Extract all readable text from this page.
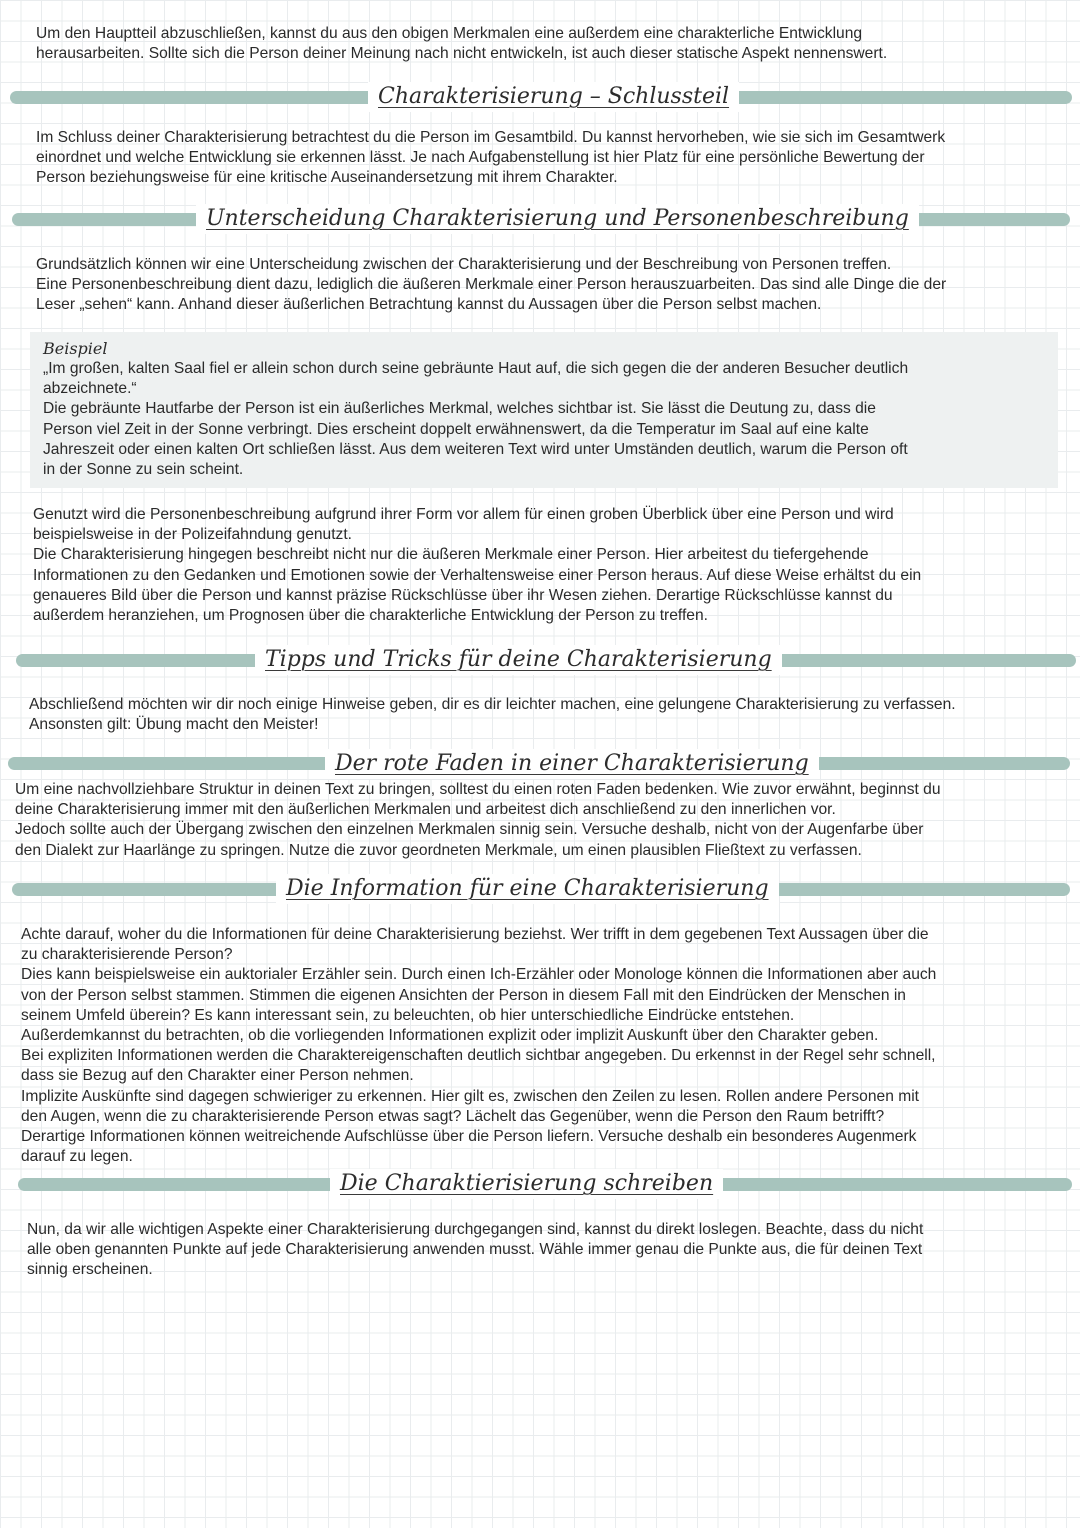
Um den Hauptteil abzuschließen, kannst du aus den obigen Merkmalen eine außerdem eine charakterliche Entwicklung
herausarbeiten. Sollte sich die Person deiner Meinung nach nicht entwickeln, ist auch dieser statische Aspekt nennenswert.

Charakterisierung – Schlussteil

Im Schluss deiner Charakterisierung betrachtest du die Person im Gesamtbild. Du kannst hervorheben, wie sie sich im Gesamtwerk
einordnet und welche Entwicklung sie erkennen lässt. Je nach Aufgabenstellung ist hier Platz für eine persönliche Bewertung der
Person beziehungsweise für eine kritische Auseinandersetzung mit ihrem Charakter.

Unterscheidung Charakterisierung und Personenbeschreibung

Grundsätzlich können wir eine Unterscheidung zwischen der Charakterisierung und der Beschreibung von Personen treffen.
Eine Personenbeschreibung dient dazu, lediglich die äußeren Merkmale einer Person herauszuarbeiten. Das sind alle Dinge die der
Leser „sehen“ kann. Anhand dieser äußerlichen Betrachtung kannst du Aussagen über die Person selbst machen.

Beispiel

„Im großen, kalten Saal fiel er allein schon durch seine gebräunte Haut auf, die sich gegen die der anderen Besucher deutlich
abzeichnete.“
Die gebräunte Hautfarbe der Person ist ein äußerliches Merkmal, welches sichtbar ist. Sie lässt die Deutung zu, dass die
Person viel Zeit in der Sonne verbringt. Dies erscheint doppelt erwähnenswert, da die Temperatur im Saal auf eine kalte
Jahreszeit oder einen kalten Ort schließen lässt. Aus dem weiteren Text wird unter Umständen deutlich, warum die Person oft
in der Sonne zu sein scheint.

Genutzt wird die Personenbeschreibung aufgrund ihrer Form vor allem für einen groben Überblick über eine Person und wird
beispielsweise in der Polizeifahndung genutzt.
Die Charakterisierung hingegen beschreibt nicht nur die äußeren Merkmale einer Person. Hier arbeitest du tiefergehende
Informationen zu den Gedanken und Emotionen sowie der Verhaltensweise einer Person heraus. Auf diese Weise erhältst du ein
genaueres Bild über die Person und kannst präzise Rückschlüsse über ihr Wesen ziehen. Derartige Rückschlüsse kannst du
außerdem heranziehen, um Prognosen über die charakterliche Entwicklung der Person zu treffen.

Tipps und Tricks für deine Charakterisierung

Abschließend möchten wir dir noch einige Hinweise geben, dir es dir leichter machen, eine gelungene Charakterisierung zu verfassen.
Ansonsten gilt: Übung macht den Meister!

Der rote Faden in einer Charakterisierung

Um eine nachvollziehbare Struktur in deinen Text zu bringen, solltest du einen roten Faden bedenken. Wie zuvor erwähnt, beginnst du
deine Charakterisierung immer mit den äußerlichen Merkmalen und arbeitest dich anschließend zu den innerlichen vor.
Jedoch sollte auch der Übergang zwischen den einzelnen Merkmalen sinnig sein. Versuche deshalb, nicht von der Augenfarbe über
den Dialekt zur Haarlänge zu springen. Nutze die zuvor geordneten Merkmale, um einen plausiblen Fließtext zu verfassen.

Die Information für eine Charakterisierung

Achte darauf, woher du die Informationen für deine Charakterisierung beziehst. Wer trifft in dem gegebenen Text Aussagen über die
zu charakterisierende Person?
Dies kann beispielsweise ein auktorialer Erzähler sein. Durch einen Ich-Erzähler oder Monologe können die Informationen aber auch
von der Person selbst stammen. Stimmen die eigenen Ansichten der Person in diesem Fall mit den Eindrücken der Menschen in
seinem Umfeld überein? Es kann interessant sein, zu beleuchten, ob hier unterschiedliche Eindrücke entstehen.
Außerdemkannst du betrachten, ob die vorliegenden Informationen explizit oder implizit Auskunft über den Charakter geben.
Bei expliziten Informationen werden die Charaktereigenschaften deutlich sichtbar angegeben. Du erkennst in der Regel sehr schnell,
dass sie Bezug auf den Charakter einer Person nehmen.
Implizite Auskünfte sind dagegen schwieriger zu erkennen. Hier gilt es, zwischen den Zeilen zu lesen. Rollen andere Personen mit
den Augen, wenn die zu charakterisierende Person etwas sagt? Lächelt das Gegenüber, wenn die Person den Raum betrifft?
Derartige Informationen können weitreichende Aufschlüsse über die Person liefern. Versuche deshalb ein besonderes Augenmerk
darauf zu legen.

Die Charaktierisierung schreiben

Nun, da wir alle wichtigen Aspekte einer Charakterisierung durchgegangen sind, kannst du direkt loslegen. Beachte, dass du nicht
alle oben genannten Punkte auf jede Charakterisierung anwenden musst. Wähle immer genau die Punkte aus, die für deinen Text
sinnig erscheinen.
